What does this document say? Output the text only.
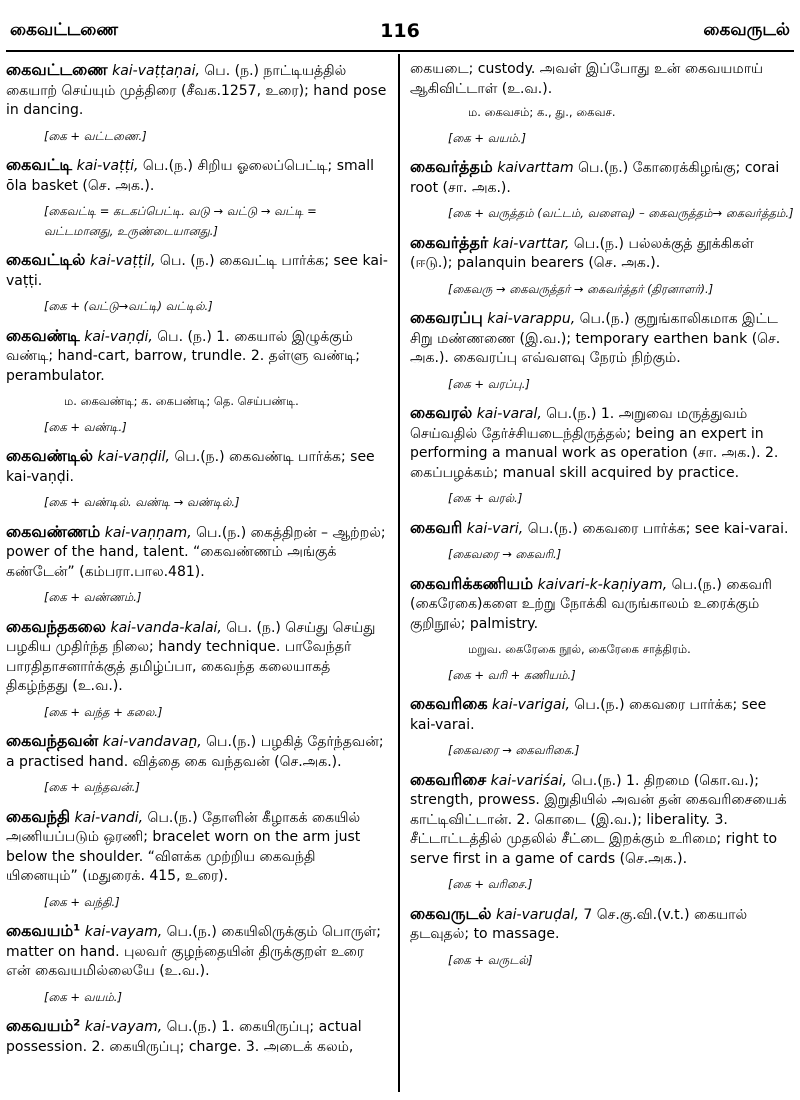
கைவட்டணை	116	கைவருடல்
கைவட்டணை kai-vaṭṭaṇai, பெ. (ந.) நாட்டியத்தில் கையாற் செய்யும் முத்திரை (சீவக.1257, உரை); hand pose in dancing.
[கை + வட்டணை.]
கைவட்டி kai-vaṭṭi, பெ.(ந.) சிறிய ஓலைப்பெட்டி; small ōla basket (செ. அக.).
[கைவட்டி = கடகப்பெட்டி. வடு → வட்டு → வட்டி = வட்டமானது, உருண்டையானது.]
கைவட்டில் kai-vaṭṭil, பெ. (ந.) கைவட்டி பார்க்க; see kai-vaṭṭi.
[கை + (வட்டு→வட்டி) வட்டில்.]
கைவண்டி kai-vaṇḍi, பெ. (ந.) 1. கையால் இழுக்கும் வண்டி; hand-cart, barrow, trundle. 2. தள்ளு வண்டி; perambulator.
ம. கைவண்டி; க. கைபண்டி; தெ. செய்பண்டி.
[கை + வண்டி.]
கைவண்டில் kai-vaṇḍil, பெ.(ந.) கைவண்டி பார்க்க; see kai-vaṇḍi.
[கை + வண்டில். வண்டி → வண்டில்.]
கைவண்ணம் kai-vaṇṇam, பெ.(ந.) கைத்திறன் – ஆற்றல்; power of the hand, talent. “கைவண்ணம் அங்குக் கண்டேன்” (கம்பரா.பால.481).
[கை + வண்ணம்.]
கைவந்தகலை kai-vanda-kalai, பெ. (ந.) செய்து செய்து பழகிய முதிர்ந்த நிலை; handy technique. பாவேந்தர் பாரதிதாசனார்க்குத் தமிழ்ப்பா, கைவந்த கலையாகத் திகழ்ந்தது (உ.வ.).
[கை + வந்த + கலை.]
கைவந்தவன் kai-vandavaṉ, பெ.(ந.) பழகித் தேர்ந்தவன்; a practised hand. வித்தை கை வந்தவன் (செ.அக.).
[கை + வந்தவன்.]
கைவந்தி kai-vandi, பெ.(ந.) தோளின் கீழாகக் கையில் அணியப்படும் ஒரணி; bracelet worn on the arm just below the shoulder. “விளக்க முற்றிய கைவந்தி யினையும்” (மதுரைக். 415, உரை).
[கை + வந்தி.]
கைவயம்¹ kai-vayam, பெ.(ந.) கையிலிருக்கும் பொருள்; matter on hand. புலவர் குழந்தையின் திருக்குறள் உரை என் கைவயமில்லையே (உ.வ.).
[கை + வயம்.]
கைவயம்² kai-vayam, பெ.(ந.) 1. கையிருப்பு; actual possession. 2. கையிருப்பு; charge. 3. அடைக் கலம்,
கையடை; custody. அவள் இப்போது உன் கைவயமாய் ஆகிவிட்டாள் (உ.வ.).
ம. கைவசம்; க., து., கைவச.
[கை + வயம்.]
கைவர்த்தம் kaivarttam பெ.(ந.) கோரைக்கிழங்கு; corai root (சா. அக.).
[கை + வருத்தம் (வட்டம், வளைவு) – கைவருத்தம்→ கைவர்த்தம்.]
கைவர்த்தர் kai-varttar, பெ.(ந.) பல்லக்குத் தூக்கிகள் (ஈடு.); palanquin bearers (செ. அக.).
[கைவரு → கைவருத்தர் → கைவர்த்தர் (திரனாளர்).]
கைவரப்பு kai-varappu, பெ.(ந.) குறுங்காலிகமாக இட்ட சிறு மண்ணணை (இ.வ.); temporary earthen bank (செ. அக.). கைவரப்பு எவ்வளவு நேரம் நிற்கும்.
[கை + வரப்பு.]
கைவரல் kai-varal, பெ.(ந.) 1. அறுவை மருத்துவம் செய்வதில் தேர்ச்சியடைந்திருத்தல்; being an expert in performing a manual work as operation (சா. அக.). 2. கைப்பழக்கம்; manual skill acquired by practice.
[கை + வரல்.]
கைவரி kai-vari, பெ.(ந.) கைவரை பார்க்க; see kai-varai.
[கைவரை → கைவரி.]
கைவரிக்கணியம் kaivari-k-kaṇiyam, பெ.(ந.) கைவரி (கைரேகை)களை உற்று நோக்கி வருங்காலம் உரைக்கும் குறிநூல்; palmistry.
மறுவ. கைரேகை நூல், கைரேகை சாத்திரம்.
[கை + வரி + கணியம்.]
கைவரிகை kai-varigai, பெ.(ந.) கைவரை பார்க்க; see kai-varai.
[கைவரை → கைவரிகை.]
கைவரிசை kai-variśai, பெ.(ந.) 1. திறமை (கொ.வ.); strength, prowess. இறுதியில் அவன் தன் கைவரிசையைக் காட்டிவிட்டான். 2. கொடை (இ.வ.); liberality. 3. சீட்டாட்டத்தில் முதலில் சீட்டை இறக்கும் உரிமை; right to serve first in a game of cards (செ.அக.).
[கை + வரிசை.]
கைவருடல் kai-varuḍal, 7 செ.கு.வி.(v.t.) கையால் தடவுதல்; to massage.
[கை + வருடல்]
